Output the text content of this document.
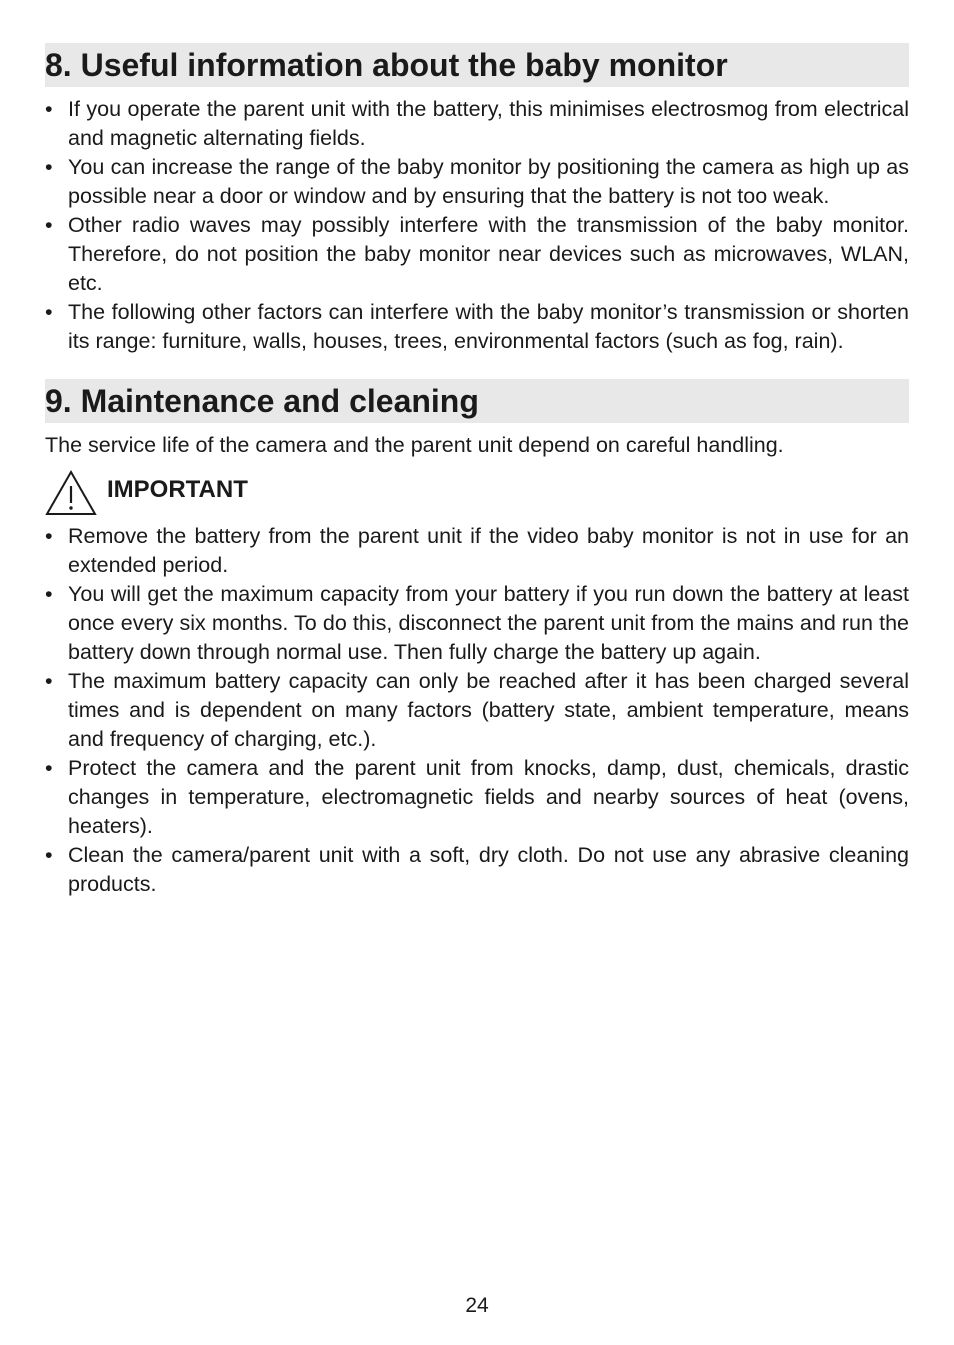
8. Useful information about the baby monitor
• If you operate the parent unit with the battery, this minimises electrosmog from electrical and magnetic alternating fields.
• You can increase the range of the baby monitor by positioning the camera as high up as possible near a door or window and by ensuring that the battery is not too weak.
• Other radio waves may possibly interfere with the transmission of the baby monitor. Therefore, do not position the baby monitor near devices such as microwaves, WLAN, etc.
• The following other factors can interfere with the baby monitor’s transmission or shorten its range: furniture, walls, houses, trees, environmental factors (such as fog, rain).
9. Maintenance and cleaning

The service life of the camera and the parent unit depend on careful handling.

IMPORTANT
• Remove the battery from the parent unit if the video baby monitor is not in use for an extended period.
• You will get the maximum capacity from your battery if you run down the battery at least once every six months. To do this, disconnect the parent unit from the mains and run the battery down through normal use. Then fully charge the battery up again.
• The maximum battery capacity can only be reached after it has been charged several times and is dependent on many factors (battery state, ambient temperature, means and frequency of charging, etc.).
• Protect the camera and the parent unit from knocks, damp, dust, chemicals, drastic changes in temperature, electromagnetic fields and nearby sources of heat (ovens, heaters).
• Clean the camera/parent unit with a soft, dry cloth. Do not use any abrasive cleaning products.
24
